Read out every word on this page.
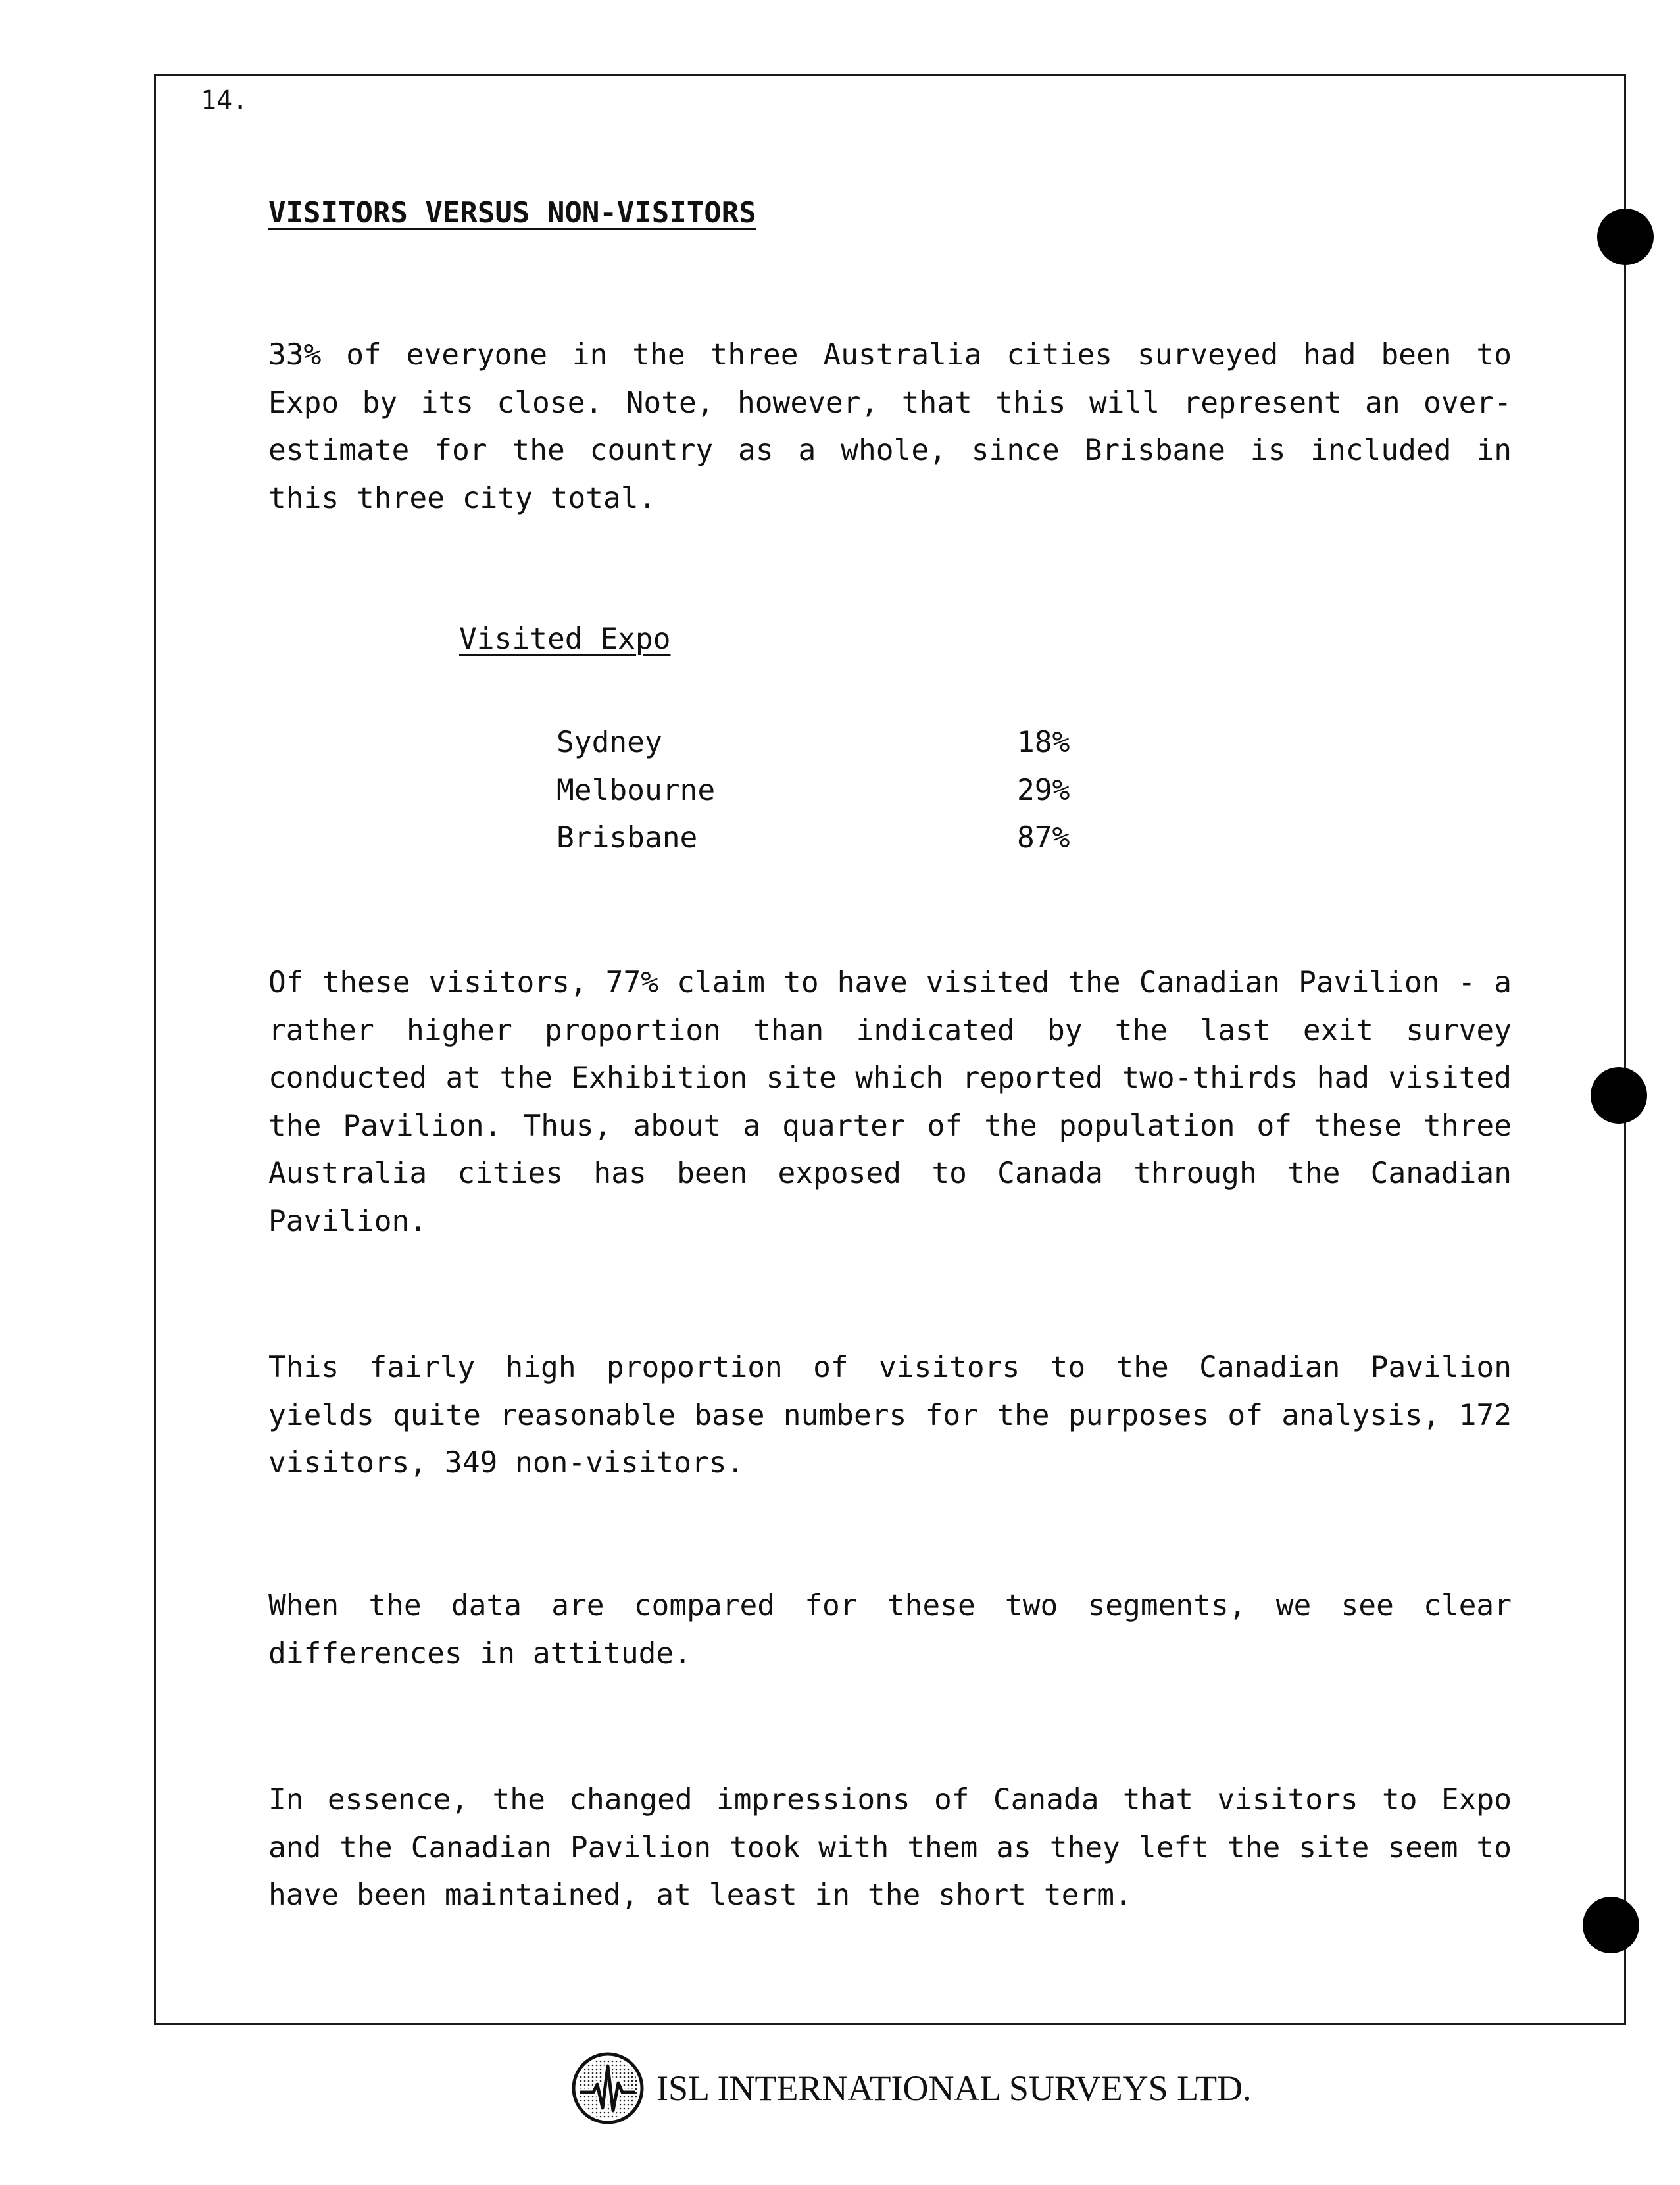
14.
VISITORS VERSUS NON-VISITORS

33% of everyone in the three Australia cities surveyed had been to Expo by its close. Note, however, that this will represent an over-estimate for the country as a whole, since Brisbane is included in this three city total.

Visited Expo
Sydney	18%
Melbourne	29%
Brisbane	87%

Of these visitors, 77% claim to have visited the Canadian Pavilion - a rather higher proportion than indicated by the last exit survey conducted at the Exhibition site which reported two-thirds had visited the Pavilion. Thus, about a quarter of the population of these three Australia cities has been exposed to Canada through the Canadian Pavilion.

This fairly high proportion of visitors to the Canadian Pavilion yields quite reasonable base numbers for the purposes of analysis, 172 visitors, 349 non-visitors.

When the data are compared for these two segments, we see clear differences in attitude.

In essence, the changed impressions of Canada that visitors to Expo and the Canadian Pavilion took with them as they left the site seem to have been maintained, at least in the short term.

ISL INTERNATIONAL SURVEYS LTD.
